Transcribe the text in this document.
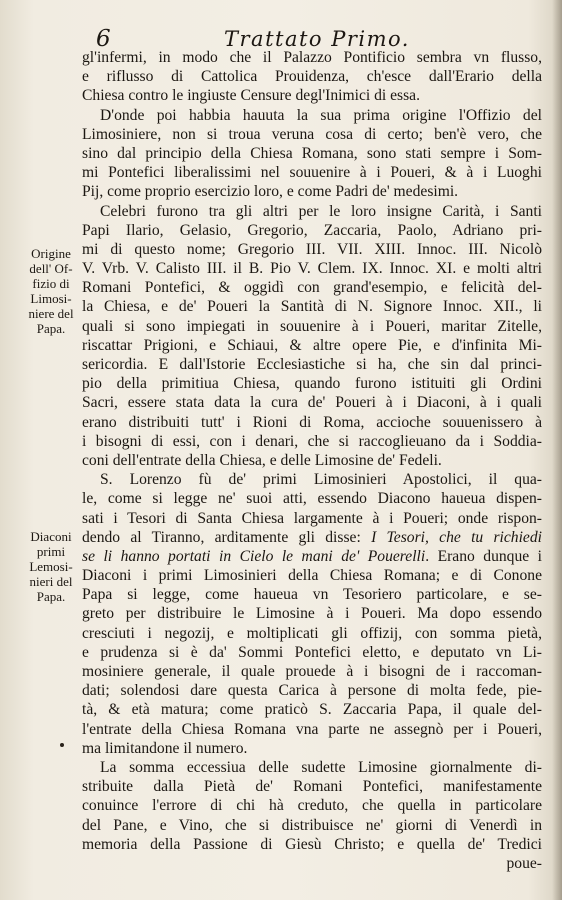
6	Trattato Primo.
Origine
dell' Of-
fizio di
Limosi-
niere del
Papa.
Diaconi
primi
Lemosi-
nieri del
Papa.
gl'infermi, in modo che il Palazzo Pontificio sembra vn flusso,
e riflusso di Cattolica Prouidenza, ch'esce dall'Erario della
Chiesa contro le ingiuste Censure degl'Inimici di essa.
D'onde poi habbia hauuta la sua prima origine l'Offizio del
Limosiniere, non si troua veruna cosa di certo; ben'è vero, che
sino dal principio della Chiesa Romana, sono stati sempre i Som-
mi Pontefici liberalissimi nel souuenire à i Poueri, & à i Luoghi
Pij, come proprio esercizio loro, e come Padri de' medesimi.
Celebri furono tra gli altri per le loro insigne Carità, i Santi
Papi Ilario, Gelasio, Gregorio, Zaccaria, Paolo, Adriano pri-
mi di questo nome; Gregorio III. VII. XIII. Innoc. III. Nicolò
V. Vrb. V. Calisto III. il B. Pio V. Clem. IX. Innoc. XI. e molti altri
Romani Pontefici, & oggidì con grand'esempio, e felicità del-
la Chiesa, e de' Poueri la Santità di N. Signore Innoc. XII., li
quali si sono impiegati in souuenire à i Poueri, maritar Zitelle,
riscattar Prigioni, e Schiaui, & altre opere Pie, e d'infinita Mi-
sericordia. E dall'Istorie Ecclesiastiche si ha, che sin dal princi-
pio della primitiua Chiesa, quando furono istituiti gli Ordini
Sacri, essere stata data la cura de' Poueri à i Diaconi, à i quali
erano distribuiti tutt' i Rioni di Roma, accioche souuenissero à
i bisogni di essi, con i denari, che si raccoglieuano da i Soddia-
coni dell'entrate della Chiesa, e delle Limosine de' Fedeli.
S. Lorenzo fù de' primi Limosinieri Apostolici, il qua-
le, come si legge ne' suoi atti, essendo Diacono haueua dispen-
sati i Tesori di Santa Chiesa largamente à i Poueri; onde rispon-
dendo al Tiranno, arditamente gli disse: I Tesori, che tu richiedi
se li hanno portati in Cielo le mani de' Pouerelli. Erano dunque i
Diaconi i primi Limosinieri della Chiesa Romana; e di Conone
Papa si legge, come haueua vn Tesoriero particolare, e se-
greto per distribuire le Limosine à i Poueri. Ma dopo essendo
cresciuti i negozij, e moltiplicati gli offizij, con somma pietà,
e prudenza si è da' Sommi Pontefici eletto, e deputato vn Li-
mosiniere generale, il quale prouede à i bisogni de i raccoman-
dati; solendosi dare questa Carica à persone di molta fede, pie-
tà, & età matura; come praticò S. Zaccaria Papa, il quale del-
l'entrate della Chiesa Romana vna parte ne assegnò per i Poueri,
ma limitandone il numero.
La somma eccessiua delle sudette Limosine giornalmente di-
stribuite dalla Pietà de' Romani Pontefici, manifestamente
conuince l'errore di chi hà creduto, che quella in particolare
del Pane, e Vino, che si distribuisce ne' giorni di Venerdì in
memoria della Passione di Giesù Christo; e quella de' Tredici
poue-
